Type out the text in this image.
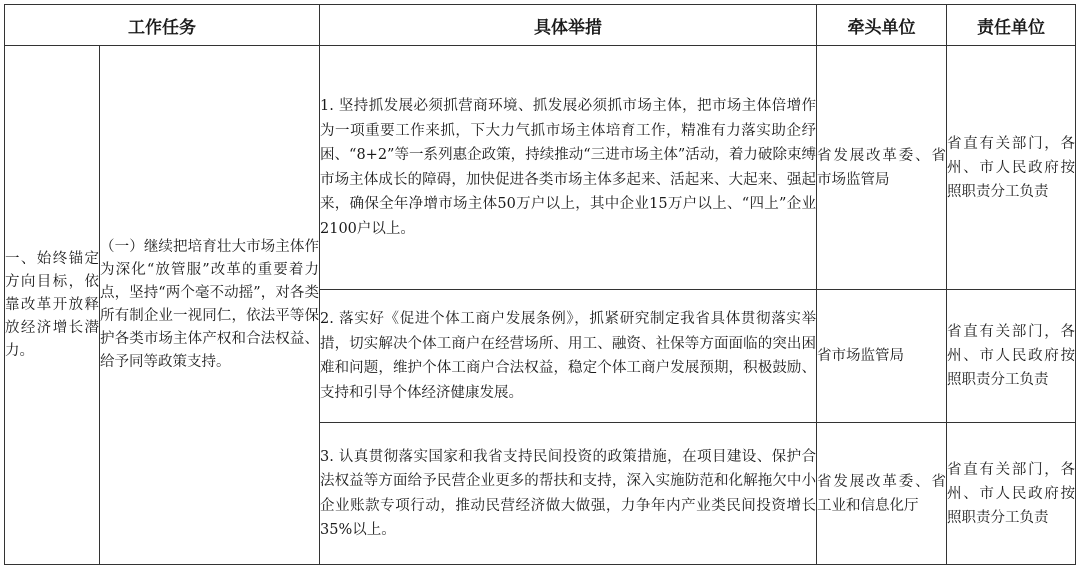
工作任务		具体举措	牵头单位	责任单位
一、始终锚定方向目标，依靠改革开放释放经济增长潜力。	（一）继续把培育壮大市场主体作为深化“放管服”改革的重要着力点，坚持“两个毫不动摇”，对各类所有制企业一视同仁，依法平等保护各类市场主体产权和合法权益、给予同等政策支持。	1. 坚持抓发展必须抓营商环境、抓发展必须抓市场主体，把市场主体倍增作为一项重要工作来抓，下大力气抓市场主体培育工作，精准有力落实助企纾困、“8+2”等一系列惠企政策，持续推动“三进市场主体”活动，着力破除束缚市场主体成长的障碍，加快促进各类市场主体多起来、活起来、大起来、强起来，确保全年净增市场主体50万户以上，其中企业15万户以上、“四上”企业2100户以上。	省发展改革委、省市场监管局	省直有关部门，各州、市人民政府按照职责分工负责
		2. 落实好《促进个体工商户发展条例》，抓紧研究制定我省具体贯彻落实举措，切实解决个体工商户在经营场所、用工、融资、社保等方面面临的突出困难和问题，维护个体工商户合法权益，稳定个体工商户发展预期，积极鼓励、支持和引导个体经济健康发展。	省市场监管局	省直有关部门，各州、市人民政府按照职责分工负责
		3. 认真贯彻落实国家和我省支持民间投资的政策措施，在项目建设、保护合法权益等方面给予民营企业更多的帮扶和支持，深入实施防范和化解拖欠中小企业账款专项行动，推动民营经济做大做强，力争年内产业类民间投资增长35%以上。	省发展改革委、省工业和信息化厅	省直有关部门，各州、市人民政府按照职责分工负责
